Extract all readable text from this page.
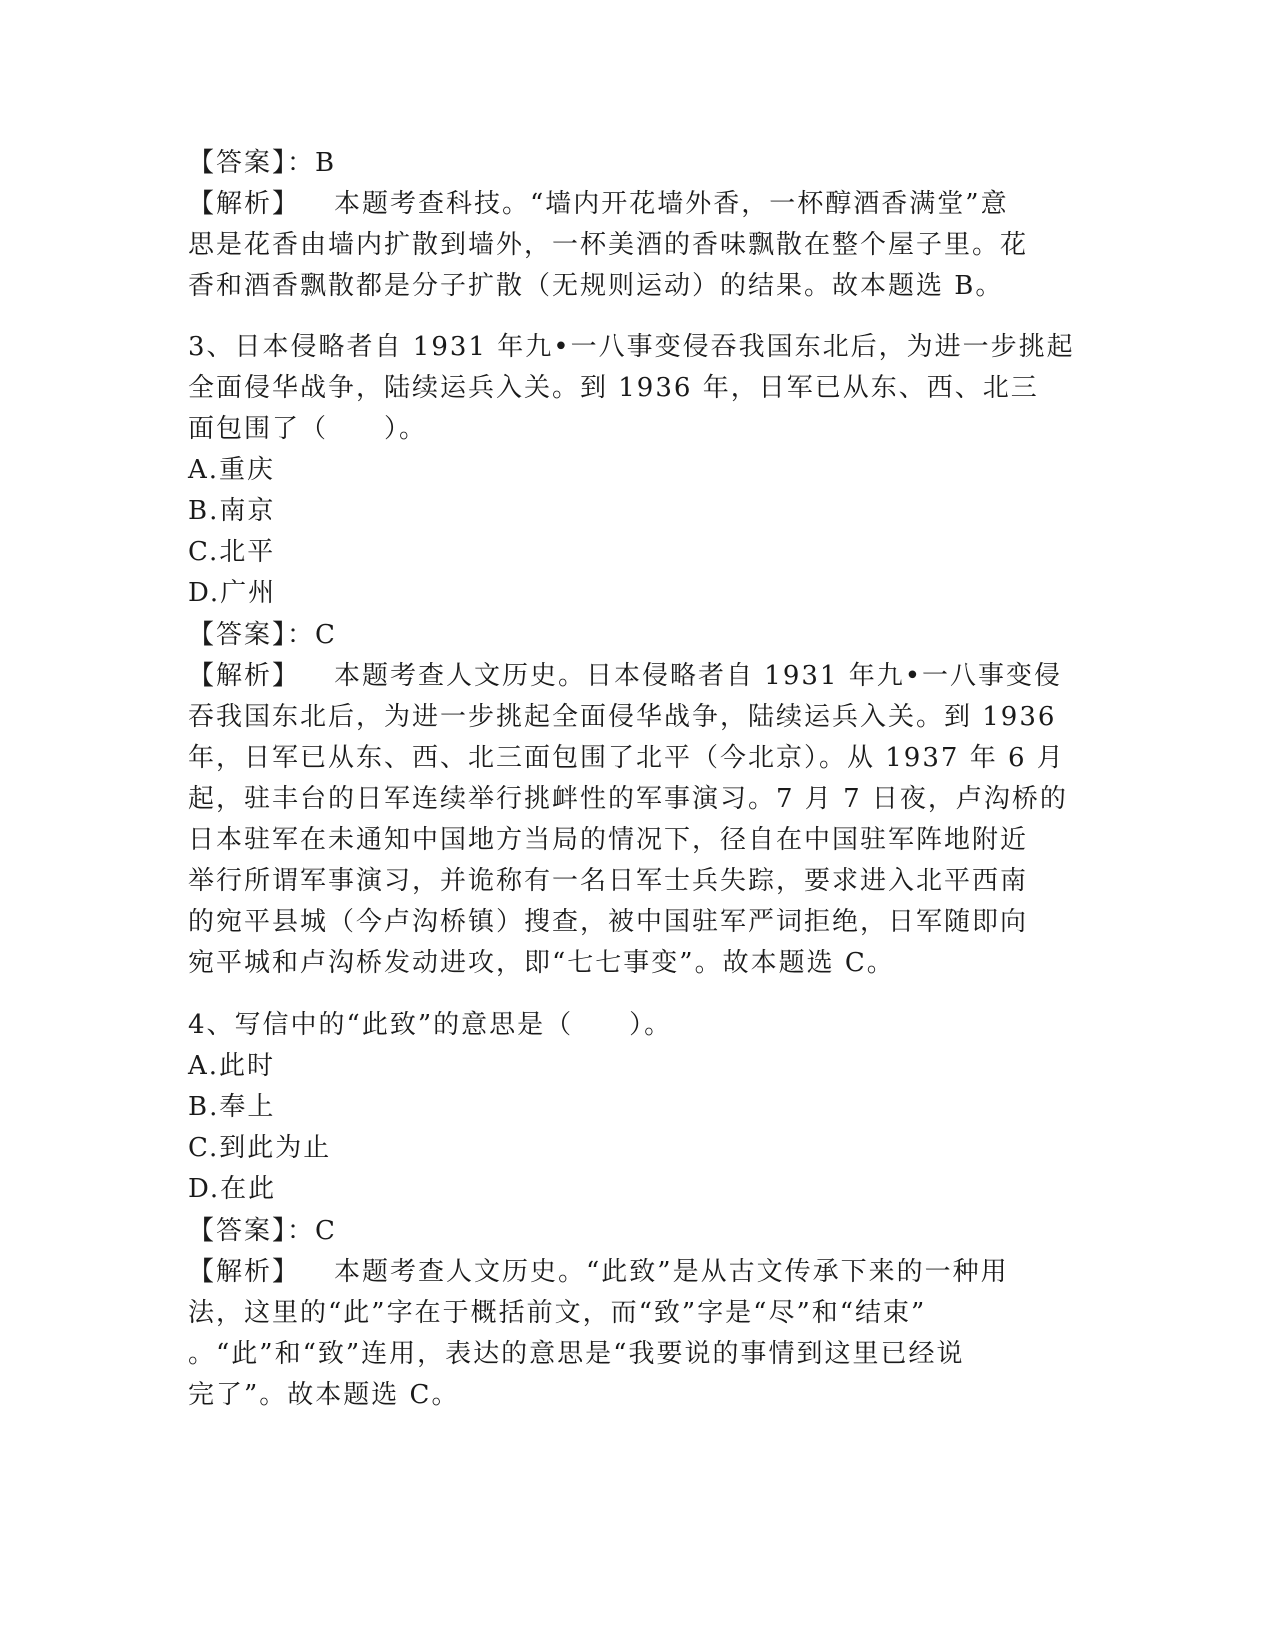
【答案】：B
【解析】 本题考查科技。“墙内开花墙外香，一杯醇酒香满堂”意
思是花香由墙内扩散到墙外，一杯美酒的香味飘散在整个屋子里。花
香和酒香飘散都是分子扩散（无规则运动）的结果。故本题选 B。
3、日本侵略者自 1931 年九•一八事变侵吞我国东北后，为进一步挑起
全面侵华战争，陆续运兵入关。到 1936 年，日军已从东、西、北三
面包围了（　　）。
A.重庆
B.南京
C.北平
D.广州
【答案】：C
【解析】 本题考查人文历史。日本侵略者自 1931 年九•一八事变侵
吞我国东北后，为进一步挑起全面侵华战争，陆续运兵入关。到 1936
年，日军已从东、西、北三面包围了北平（今北京）。从 1937 年 6 月
起，驻丰台的日军连续举行挑衅性的军事演习。7 月 7 日夜，卢沟桥的
日本驻军在未通知中国地方当局的情况下，径自在中国驻军阵地附近
举行所谓军事演习，并诡称有一名日军士兵失踪，要求进入北平西南
的宛平县城（今卢沟桥镇）搜查，被中国驻军严词拒绝，日军随即向
宛平城和卢沟桥发动进攻，即“七七事变”。故本题选 C。
4、写信中的“此致”的意思是（　　）。
A.此时
B.奉上
C.到此为止
D.在此
【答案】：C
【解析】 本题考查人文历史。“此致”是从古文传承下来的一种用
法，这里的“此”字在于概括前文，而“致”字是“尽”和“结束”
。“此”和“致”连用，表达的意思是“我要说的事情到这里已经说
完了”。故本题选 C。
